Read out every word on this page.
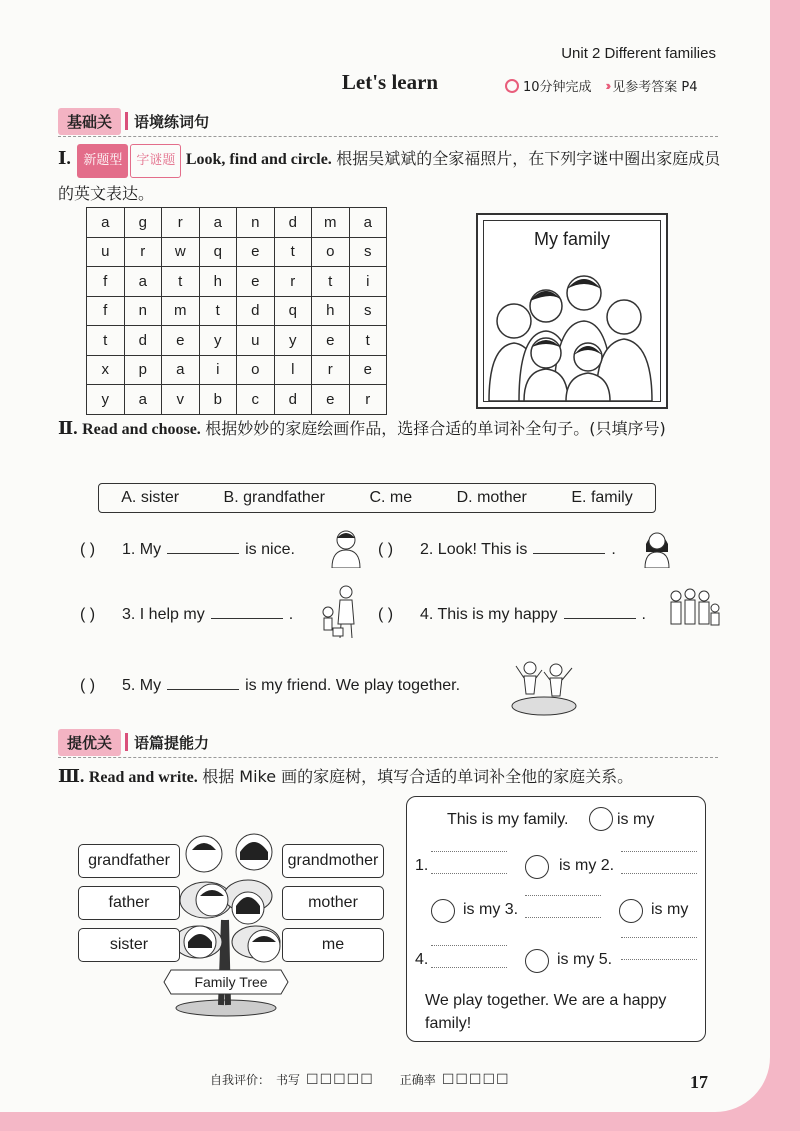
Unit 2 Different families
Let's learn	10分钟完成 ›› 见参考答案 P4
基础关	语境练词句
Ⅰ. 新题型 字谜题 Look, find and circle. 根据吴斌斌的全家福照片，在下列字谜中圈出家庭成员的英文表达。
a	g	r	a	n	d	m	a
u	r	w	q	e	t	o	s
f	a	t	h	e	r	t	i
f	n	m	t	d	q	h	s
t	d	e	y	u	y	e	t
x	p	a	i	o	l	r	e
y	a	v	b	c	d	e	r
My family
Ⅱ. Read and choose. 根据妙妙的家庭绘画作品，选择合适的单词补全句子。(只填序号)
A. sister	B. grandfather	C. me	D. mother	E. family
( )	1. My	is nice.	( )	2. Look! This is	.
( )	3. I help my	.	( )	4. This is my happy	.
( )	5. My	is my friend. We play together.
提优关	语篇提能力
Ⅲ. Read and write. 根据 Mike 画的家庭树，填写合适的单词补全他的家庭关系。
Family Tree
grandfather	grandmother
father	mother
sister	me
This is my family.	is my
1.	is my 2.
is my 3.	is my
4.	is my 5.
We play together. We are a happy family!
自我评价： 书写 ☐☐☐☐☐ 正确率 ☐☐☐☐☐	17
